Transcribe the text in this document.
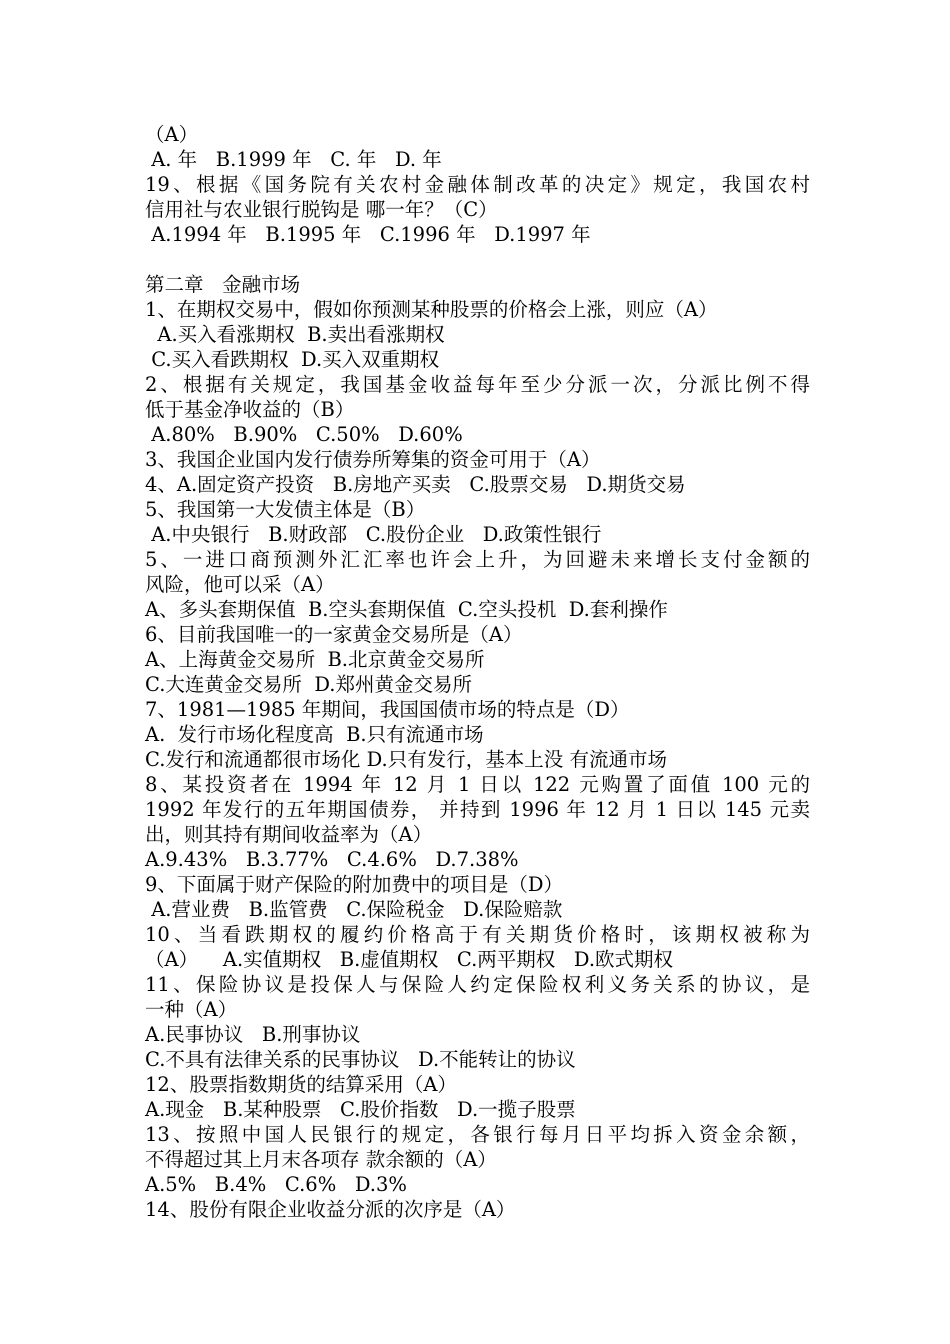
（A）
A. 年   B.1999 年   C. 年   D. 年
19、根据《国务院有关农村金融体制改革的决定》规定，我国农村
信用社与农业银行脱钩是 哪一年？（C）
A.1994 年   B.1995 年   C.1996 年   D.1997 年
第二章   金融市场
1、在期权交易中，假如你预测某种股票的价格会上涨，则应（A）
A.买入看涨期权  B.卖出看涨期权
C.买入看跌期权  D.买入双重期权
2、根据有关规定，我国基金收益每年至少分派一次，分派比例不得
低于基金净收益的（B）
A.80%   B.90%   C.50%   D.60%
3、我国企业国内发行债券所筹集的资金可用于（A）
4、A.固定资产投资   B.房地产买卖   C.股票交易   D.期货交易
5、我国第一大发债主体是（B）
A.中央银行   B.财政部   C.股份企业   D.政策性银行
5、一进口商预测外汇汇率也许会上升，为回避未来增长支付金额的
风险，他可以采（A）
A、多头套期保值  B.空头套期保值  C.空头投机  D.套利操作
6、目前我国唯一的一家黄金交易所是（A）
A、上海黄金交易所  B.北京黄金交易所
C.大连黄金交易所  D.郑州黄金交易所
7、1981—1985 年期间，我国国债市场的特点是（D）
A.  发行市场化程度高  B.只有流通市场
C.发行和流通都很市场化 D.只有发行，基本上没 有流通市场
8、某投资者在 1994 年 12 月 1 日以 122 元购置了面值 100 元的
1992 年发行的五年期国债券， 并持到 1996 年 12 月 1 日以 145 元卖
出，则其持有期间收益率为（A）
A.9.43%   B.3.77%   C.4.6%   D.7.38%
9、下面属于财产保险的附加费中的项目是（D）
A.营业费   B.监管费   C.保险税金   D.保险赔款
10、当看跌期权的履约价格高于有关期货价格时，该期权被称为
（A）    A.实值期权   B.虚值期权   C.两平期权   D.欧式期权
11、保险协议是投保人与保险人约定保险权利义务关系的协议，是
一种（A）
A.民事协议   B.刑事协议
C.不具有法律关系的民事协议   D.不能转让的协议
12、股票指数期货的结算采用（A）
A.现金   B.某种股票   C.股价指数   D.一揽子股票
13、按照中国人民银行的规定，各银行每月日平均拆入资金余额，
不得超过其上月末各项存 款余额的（A）
A.5%   B.4%   C.6%   D.3%
14、股份有限企业收益分派的次序是（A）
